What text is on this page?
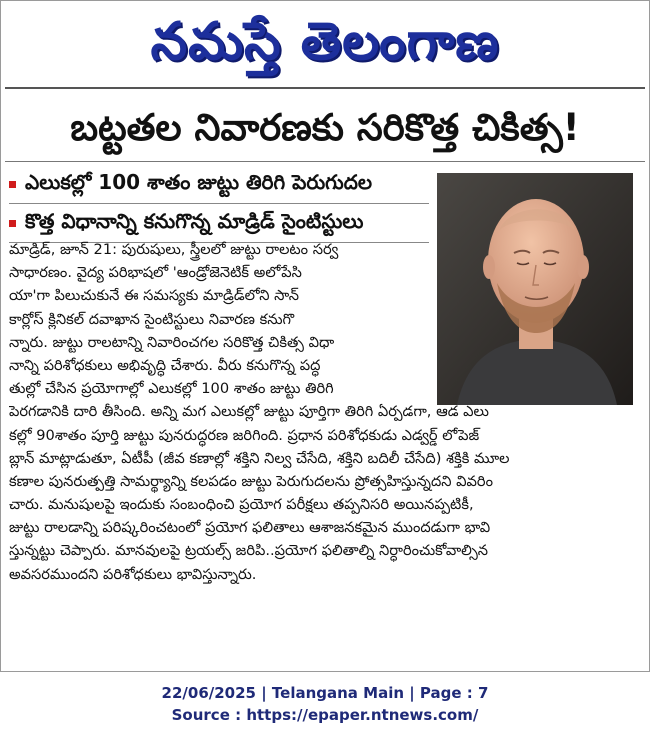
నమస్తే తెలంగాణ
బట్టతల నివారణకు సరికొత్త చికిత్స!
ఎలుకల్లో 100 శాతం జుట్టు తిరిగి పెరుగుదల
కొత్త విధానాన్ని కనుగొన్న మాడ్రిడ్ సైంటిస్టులు
మాడ్రిడ్, జూన్ 21: పురుషులు, స్త్రీలలో జుట్టు రాలటం సర్వ
సాధారణం. వైద్య పరిభాషలో 'ఆండ్రోజెనెటిక్ అలోపేసి
యా'గా పిలుచుకునే ఈ సమస్యకు మాడ్రిడ్‌లోని సాన్
కార్లోస్ క్లినికల్ దవాఖాన సైంటిస్టులు నివారణ కనుగొ
న్నారు. జుట్టు రాలటాన్ని నివారించగల సరికొత్త చికిత్స విధా
నాన్ని పరిశోధకులు అభివృద్ధి చేశారు. వీరు కనుగొన్న పద్ధ
తుల్లో చేసిన ప్రయోగాల్లో ఎలుకల్లో 100 శాతం జుట్టు తిరిగి
పెరగడానికి దారి తీసింది. అన్ని మగ ఎలుకల్లో జుట్టు పూర్తిగా తిరిగి ఏర్పడగా, ఆడ ఎలు
కల్లో 90శాతం పూర్తి జుట్టు పునరుద్ధరణ జరిగింది. ప్రధాన పరిశోధకుడు ఎడ్వర్డ్ లోపెజ్
బ్లాన్ మాట్లాడుతూ, ఏటీపీ (జీవ కణాల్లో శక్తిని నిల్వ చేసేది, శక్తిని బదిలీ చేసేది) శక్తికి మూల
కణాల పునరుత్పత్తి సామర్థ్యాన్ని కలపడం జుట్టు పెరుగుదలను ప్రోత్సహిస్తున్నదని వివరిం
చారు. మనుషులపై ఇందుకు సంబంధించి ప్రయోగ పరీక్షలు తప్పనిసరి అయినప్పటికీ,
జుట్టు రాలడాన్ని పరిష్కరించటంలో ప్రయోగ ఫలితాలు ఆశాజనకమైన ముందడుగా భావి
స్తున్నట్టు చెప్పారు. మానవులపై ట్రయల్స్ జరిపి..ప్రయోగ ఫలితాల్ని నిర్ధారించుకోవాల్సిన
అవసరముందని పరిశోధకులు భావిస్తున్నారు.
22/06/2025 | Telangana Main | Page : 7
Source : https://epaper.ntnews.com/
